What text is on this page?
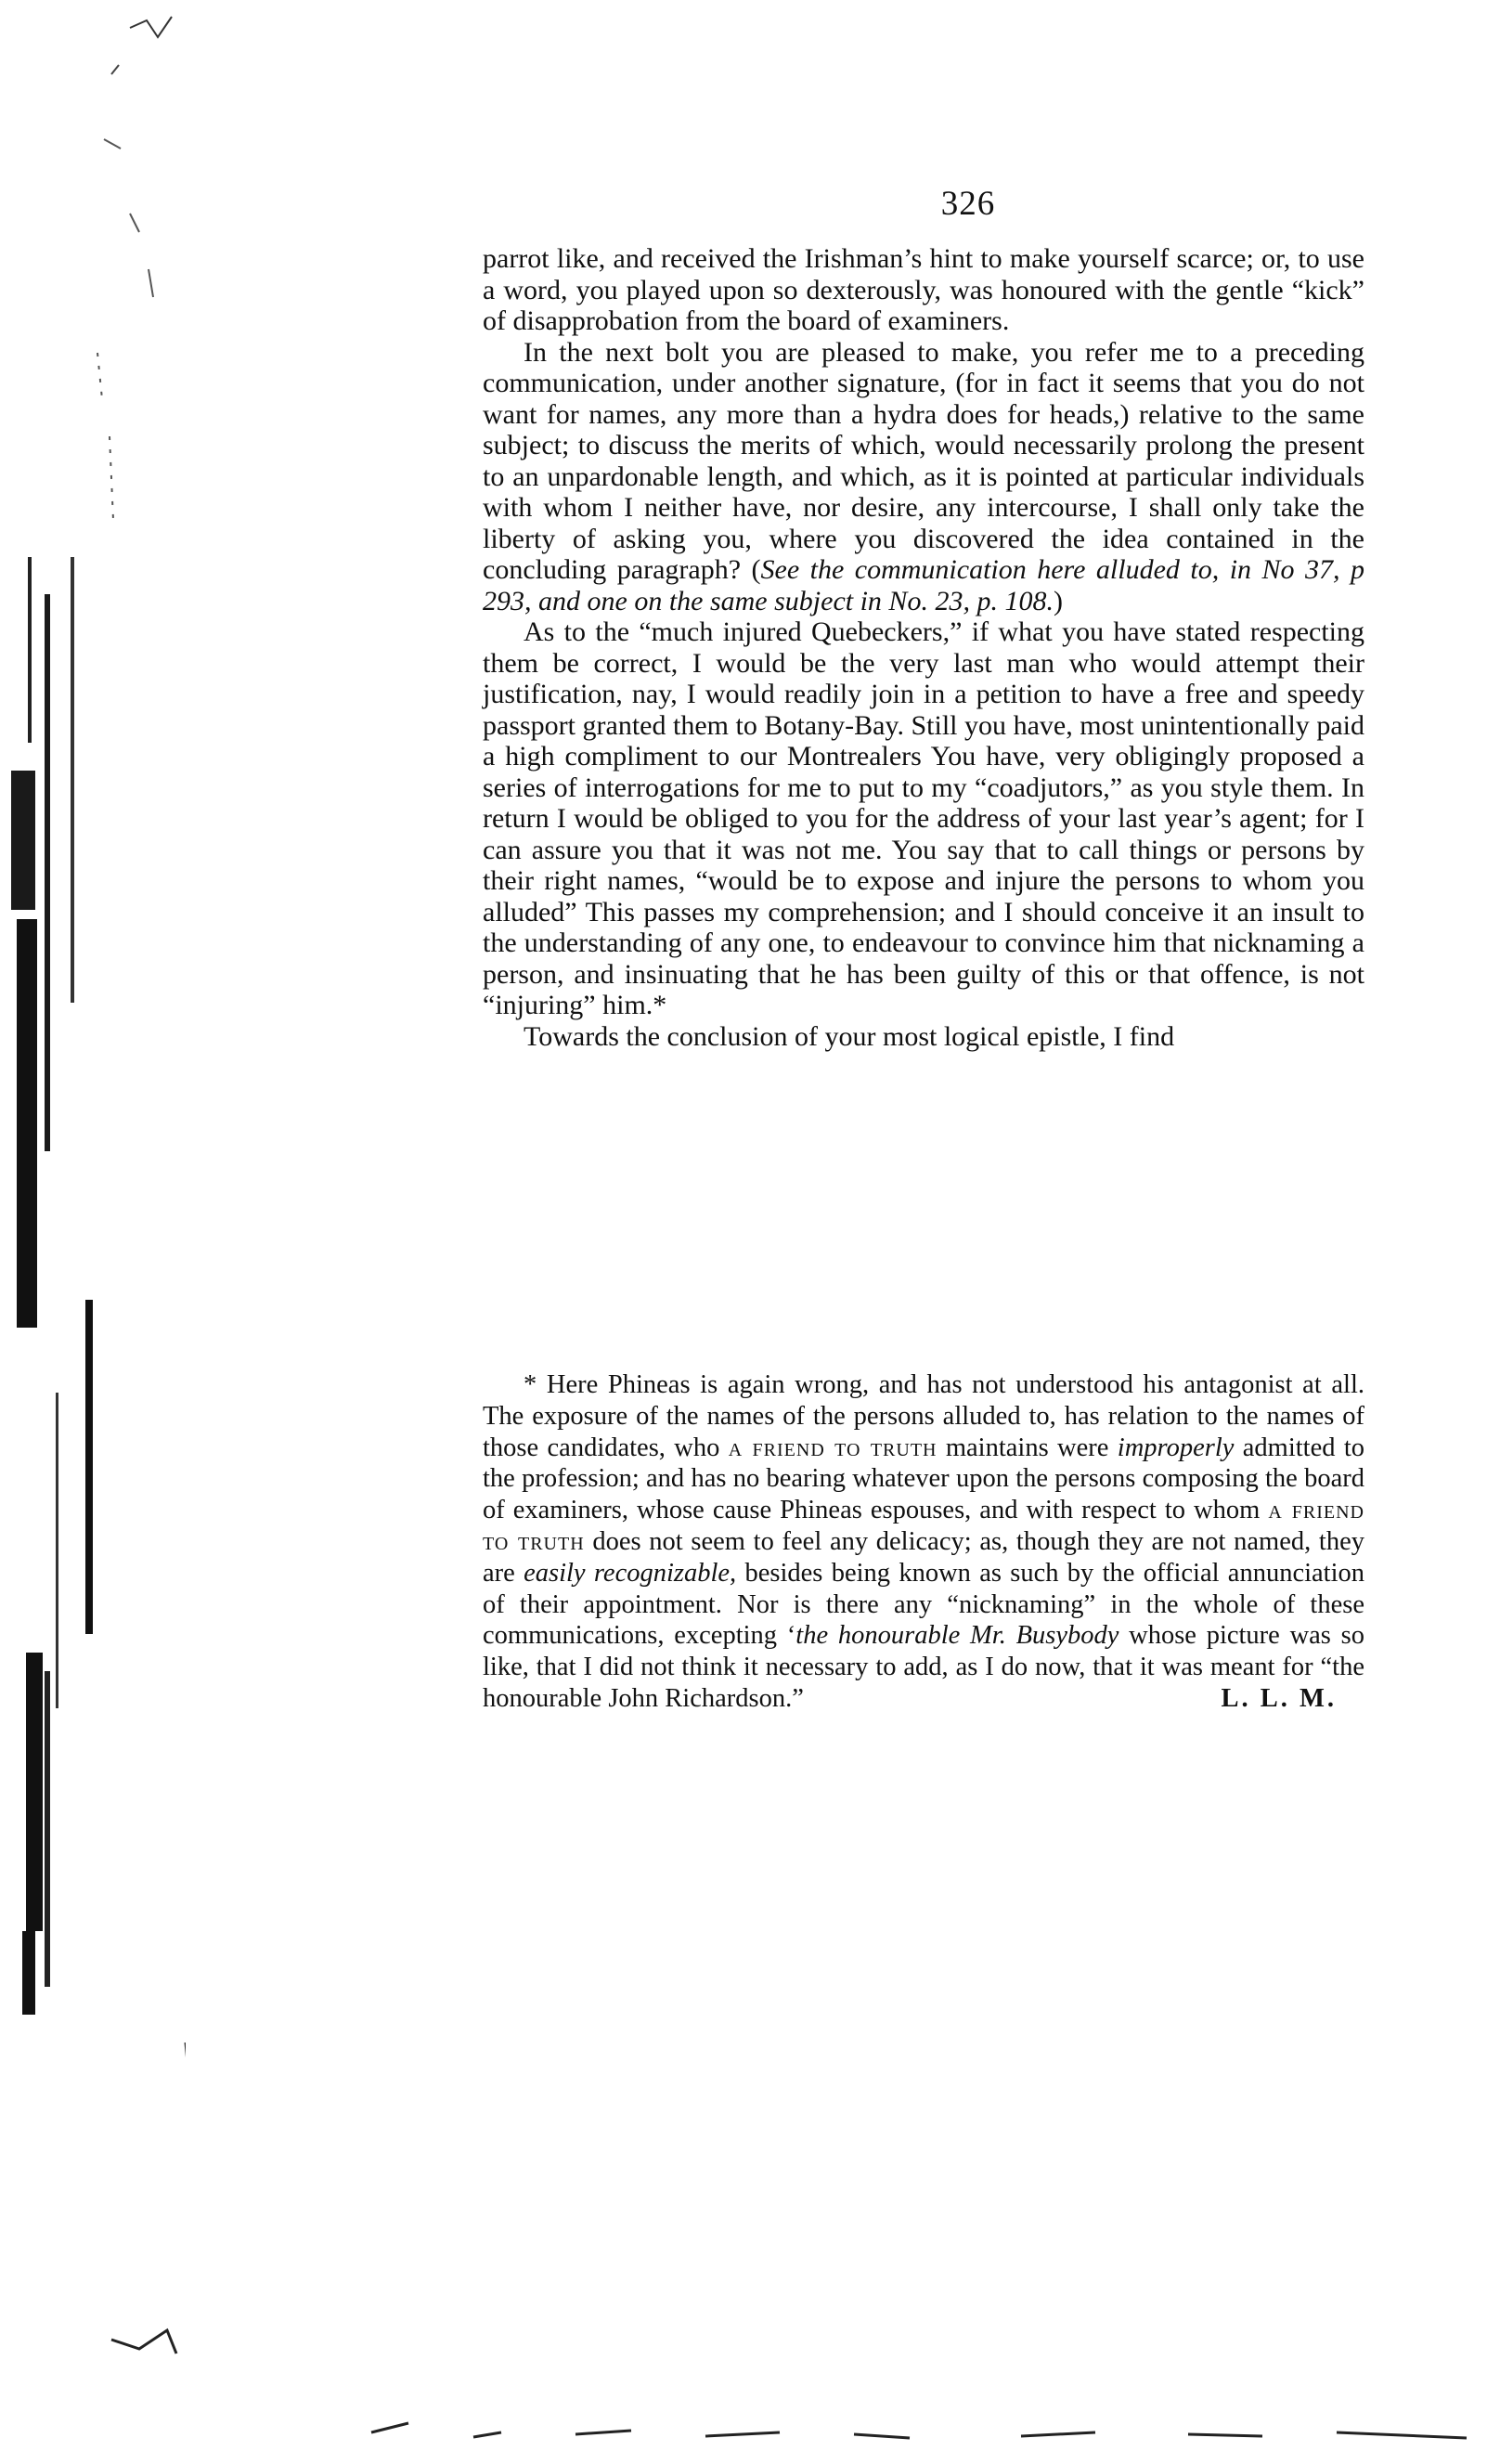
326

parrot like, and received the Irishman’s hint to make yourself scarce; or, to use a word, you played upon so dexterously, was honoured with the gentle “kick” of disapprobation from the board of examiners.

In the next bolt you are pleased to make, you refer me to a preceding communication, under another signature, (for in fact it seems that you do not want for names, any more than a hydra does for heads,) relative to the same subject; to discuss the merits of which, would necessarily prolong the present to an unpardonable length, and which, as it is pointed at particular individuals with whom I neither have, nor desire, any intercourse, I shall only take the liberty of asking you, where you discovered the idea contained in the concluding paragraph? (See the communication here alluded to, in No 37, p 293, and one on the same subject in No. 23, p. 108.)

As to the “much injured Quebeckers,” if what you have stated respecting them be correct, I would be the very last man who would attempt their justification, nay, I would readily join in a petition to have a free and speedy passport granted them to Botany-Bay. Still you have, most unintentionally paid a high compliment to our Montrealers You have, very obligingly proposed a series of interrogations for me to put to my “coadjutors,” as you style them. In return I would be obliged to you for the address of your last year’s agent; for I can assure you that it was not me. You say that to call things or persons by their right names, “would be to expose and injure the persons to whom you alluded” This passes my comprehension; and I should conceive it an insult to the understanding of any one, to endeavour to convince him that nicknaming a person, and insinuating that he has been guilty of this or that offence, is not “injuring” him.*

Towards the conclusion of your most logical epistle, I find

* Here Phineas is again wrong, and has not understood his antagonist at all. The exposure of the names of the persons alluded to, has relation to the names of those candidates, who a friend to truth maintains were improperly admitted to the profession; and has no bearing whatever upon the persons composing the board of examiners, whose cause Phineas espouses, and with respect to whom a friend to truth does not seem to feel any delicacy; as, though they are not named, they are easily recognizable, besides being known as such by the official annunciation of their appointment. Nor is there any “nicknaming” in the whole of these communications, excepting ‘the honourable Mr. Busybody whose picture was so like, that I did not think it necessary to add, as I do now, that it was meant for “the honourable John Richardson.”	L. L. M.
